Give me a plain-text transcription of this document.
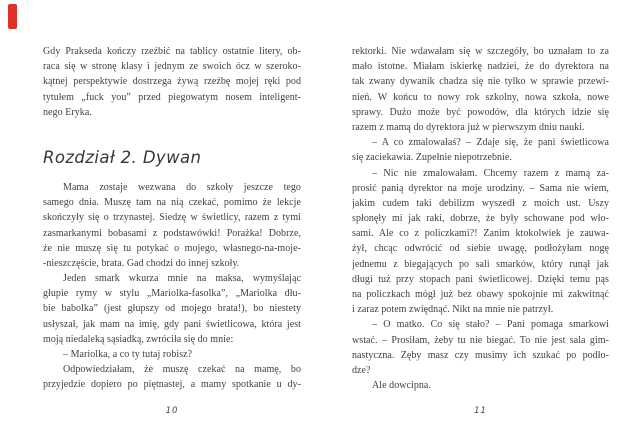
Gdy Prakseda kończy rzeźbić na tablicy ostatnie litery, ob-
raca się w stronę klasy i jednym ze swoich ócz w szeroko-
kątnej perspektywie dostrzega żywą rzeźbę mojej ręki pod
tytułem „fuck you” przed piegowatym nosem inteligent-
nego Eryka.
Rozdział 2. Dywan
Mama zostaje wezwana do szkoły jeszcze tego
samego dnia. Muszę tam na nią czekać, pomimo że lekcje
skończyły się o trzynastej. Siedzę w świetlicy, razem z tymi
zasmarkanymi bobasami z podstawówki! Porażka! Dobrze,
że nie muszę się tu potykać o mojego, własnego-na-moje-
-nieszczęście, brata. Gad chodzi do innej szkoły.
Jeden smark wkurza mnie na maksa, wymyślając
głupie rymy w stylu „Mariolka-fasolka”, „Mariolka dłu-
bie babolka” (jest głupszy od mojego brata!), bo niestety
usłyszał, jak mam na imię, gdy pani świetlicowa, która jest
moją niedaleką sąsiadką, zwróciła się do mnie:
– Mariolka, a co ty tutaj robisz?
Odpowiedziałam, że muszę czekać na mamę, bo
przyjedzie dopiero po piętnastej, a mamy spotkanie u dy-
rektorki. Nie wdawałam się w szczegóły, bo uznałam to za
mało istotne. Miałam iskierkę nadziei, że do dyrektora na
tak zwany dywanik chadza się nie tylko w sprawie przewi-
nień. W końcu to nowy rok szkolny, nowa szkoła, nowe
sprawy. Dużo może być powodów, dla których idzie się
razem z mamą do dyrektora już w pierwszym dniu nauki.
– A co zmalowałaś? – Zdaje się, że pani świetlicowa
się zaciekawia. Zupełnie niepotrzebnie.
– Nic nie zmalowałam. Chcemy razem z mamą za-
prosić panią dyrektor na moje urodziny. – Sama nie wiem,
jakim cudem taki debilizm wyszedł z moich ust. Uszy
spłonęły mi jak raki, dobrze, że były schowane pod wło-
sami. Ale co z policzkami?! Zanim ktokolwiek je zauwa-
żył, chcąc odwrócić od siebie uwagę, podłożyłam nogę
jednemu z biegających po sali smarków, który runął jak
długi tuż przy stopach pani świetlicowej. Dzięki temu pąs
na policzkach mógł już bez obawy spokojnie mi zakwitnąć
i zaraz potem zwiędnąć. Nikt na mnie nie patrzył.
– O matko. Co się stało? – Pani pomaga smarkowi
wstać. – Prosiłam, żeby tu nie biegać. To nie jest sala gim-
nastyczna. Zęby masz czy musimy ich szukać po podło-
dze?
Ale dowcipna.
10	11
